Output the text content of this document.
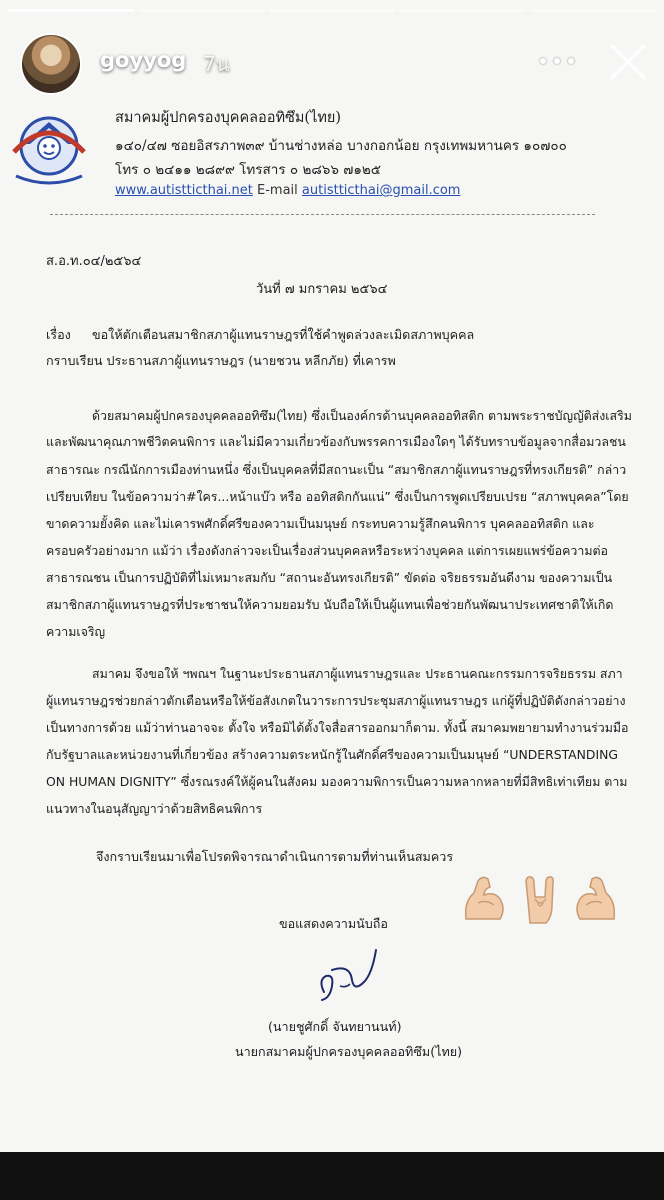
goyyog 7น
สมาคมผู้ปกครองบุคคลออทิซึม(ไทย)
๑๔๐/๔๗ ซอยอิสรภาพ๓๙ บ้านช่างหล่อ บางกอกน้อย กรุงเทพมหานคร ๑๐๗๐๐
โทร ๐ ๒๔๑๑ ๒๘๙๙ โทรสาร ๐ ๒๘๖๖ ๗๑๒๕
www.autistticthai.net E-mail autistticthai@gmail.com
ส.อ.ท.๐๔/๒๕๖๔
วันที่ ๗ มกราคม ๒๕๖๔
เรื่อง ขอให้ตักเตือนสมาชิกสภาผู้แทนราษฎรที่ใช้คำพูดล่วงละเมิดสภาพบุคคล
กราบเรียน ประธานสภาผู้แทนราษฎร (นายชวน หลีกภัย) ที่เคารพ
ด้วยสมาคมผู้ปกครองบุคคลออทิซึม(ไทย) ซึ่งเป็นองค์กรด้านบุคคลออทิสติก ตามพระราชบัญญัติส่งเสริม
และพัฒนาคุณภาพชีวิตคนพิการ และไม่มีความเกี่ยวข้องกับพรรคการเมืองใดๆ ได้รับทราบข้อมูลจากสื่อมวลชน
สาธารณะ กรณีนักการเมืองท่านหนึ่ง ซึ่งเป็นบุคคลที่มีสถานะเป็น “สมาชิกสภาผู้แทนราษฎรที่ทรงเกียรติ” กล่าว
เปรียบเทียบ ในข้อความว่า#ใคร...หน้าแบ๊ว หรือ ออทิสติกกันแน่” ซึ่งเป็นการพูดเปรียบเปรย “สภาพบุคคล”โดย
ขาดความยั้งคิด และไม่เคารพศักดิ์ศรีของความเป็นมนุษย์ กระทบความรู้สึกคนพิการ บุคคลออทิสติก และ
ครอบครัวอย่างมาก แม้ว่า เรื่องดังกล่าวจะเป็นเรื่องส่วนบุคคลหรือระหว่างบุคคล แต่การเผยแพร่ข้อความต่อ
สาธารณชน เป็นการปฏิบัติที่ไม่เหมาะสมกับ “สถานะอันทรงเกียรติ” ขัดต่อ จริยธรรมอันดีงาม ของความเป็น
สมาชิกสภาผู้แทนราษฎรที่ประชาชนให้ความยอมรับ นับถือให้เป็นผู้แทนเพื่อช่วยกันพัฒนาประเทศชาติให้เกิด
ความเจริญ
สมาคม จึงขอให้ ฯพณฯ ในฐานะประธานสภาผู้แทนราษฎรและ ประธานคณะกรรมการจริยธรรม สภา
ผู้แทนราษฎรช่วยกล่าวตักเตือนหรือให้ข้อสังเกตในวาระการประชุมสภาผู้แทนราษฎร แก่ผู้ที่ปฏิบัติดังกล่าวอย่าง
เป็นทางการด้วย แม้ว่าท่านอาจจะ ตั้งใจ หรือมิได้ตั้งใจสื่อสารออกมาก็ตาม. ทั้งนี้ สมาคมพยายามทำงานร่วมมือ
กับรัฐบาลและหน่วยงานที่เกี่ยวข้อง สร้างความตระหนักรู้ในศักดิ์ศรีของความเป็นมนุษย์ “UNDERSTANDING
ON HUMAN DIGNITY” ซึ่งรณรงค์ให้ผู้คนในสังคม มองความพิการเป็นความหลากหลายที่มีสิทธิเท่าเทียม ตาม
แนวทางในอนุสัญญาว่าด้วยสิทธิคนพิการ
จึงกราบเรียนมาเพื่อโปรดพิจารณาดำเนินการตามที่ท่านเห็นสมควร
ขอแสดงความนับถือ
(นายชูศักดิ์ จันทยานนท์)
นายกสมาคมผู้ปกครองบุคคลออทิซึม(ไทย)
